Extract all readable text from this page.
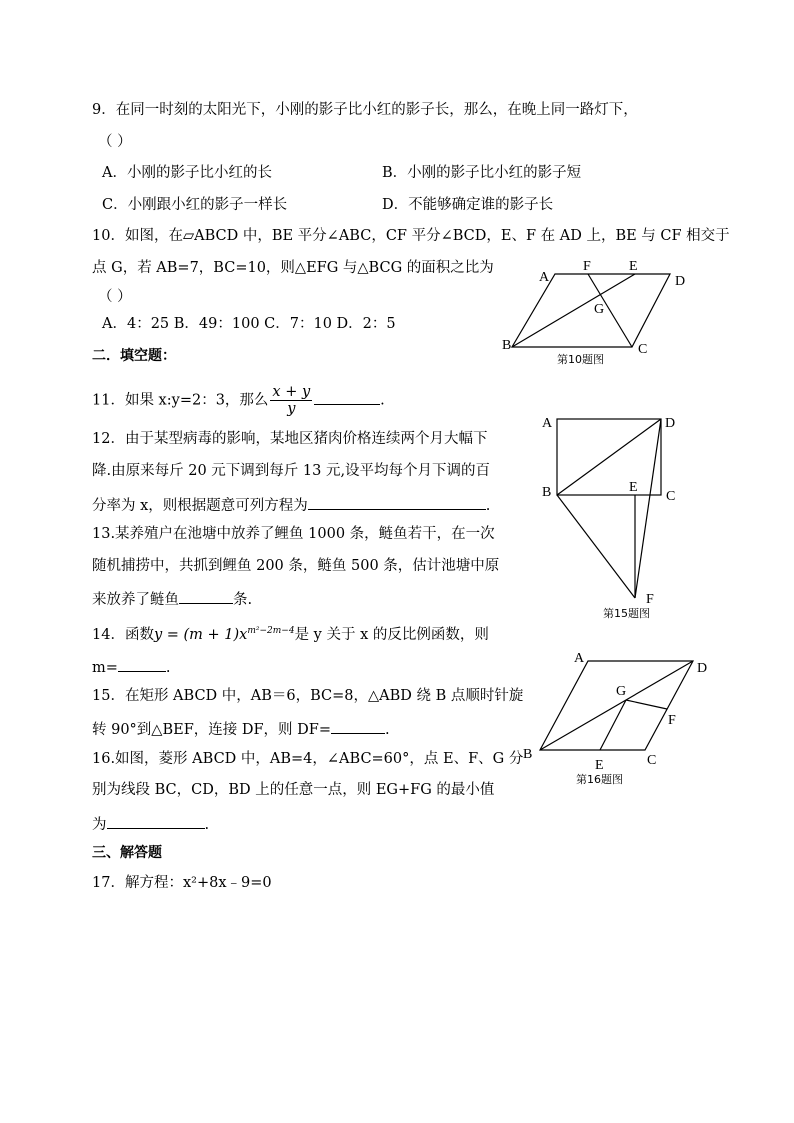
9．在同一时刻的太阳光下，小刚的影子比小红的影子长，那么，在晚上同一路灯下，
（ ）
A．小刚的影子比小红的长	B．小刚的影子比小红的影子短
C．小刚跟小红的影子一样长	D．不能够确定谁的影子长
10．如图，在▱ABCD 中，BE 平分∠ABC，CF 平分∠BCD，E、F 在 AD 上，BE 与 CF 相交于
点 G，若 AB=7，BC=10，则△EFG 与△BCG 的面积之比为
（ ）
A．4：25 B．49：100 C．7：10 D．2：5
二．填空题：
11．如果 x:y=2：3，那么 $\frac{x + y}{y}$	.
12．由于某型病毒的影响，某地区猪肉价格连续两个月大幅下
降.由原来每斤 20 元下调到每斤 13 元,设平均每个月下调的百
分率为 x，则根据题意可列方程为	.
13.某养殖户在池塘中放养了鲤鱼 1000 条，鲢鱼若干，在一次
随机捕捞中，共抓到鲤鱼 200 条，鲢鱼 500 条，估计池塘中原
来放养了鲢鱼	条.
14．函数$y = (m + 1)x^{m^2-2m-4}$是 y 关于 x 的反比例函数，则
m=	.
15．在矩形 ABCD 中，AB＝6，BC=8，△ABD 绕 B 点顺时针旋
转 90°到△BEF，连接 DF，则 DF=	.
16.如图，菱形 ABCD 中，AB=4，∠ABC=60°，点 E、F、G 分
别为线段 BC，CD，BD 上的任意一点，则 EG+FG 的最小值
为	.
三、解答题
17．解方程：x²+8x﹣9=0
A
F	E
D
G
B	C
第10题图
A	D
B	E
C
F
第15题图
A
D
G
F
B
E	C
第16题图
